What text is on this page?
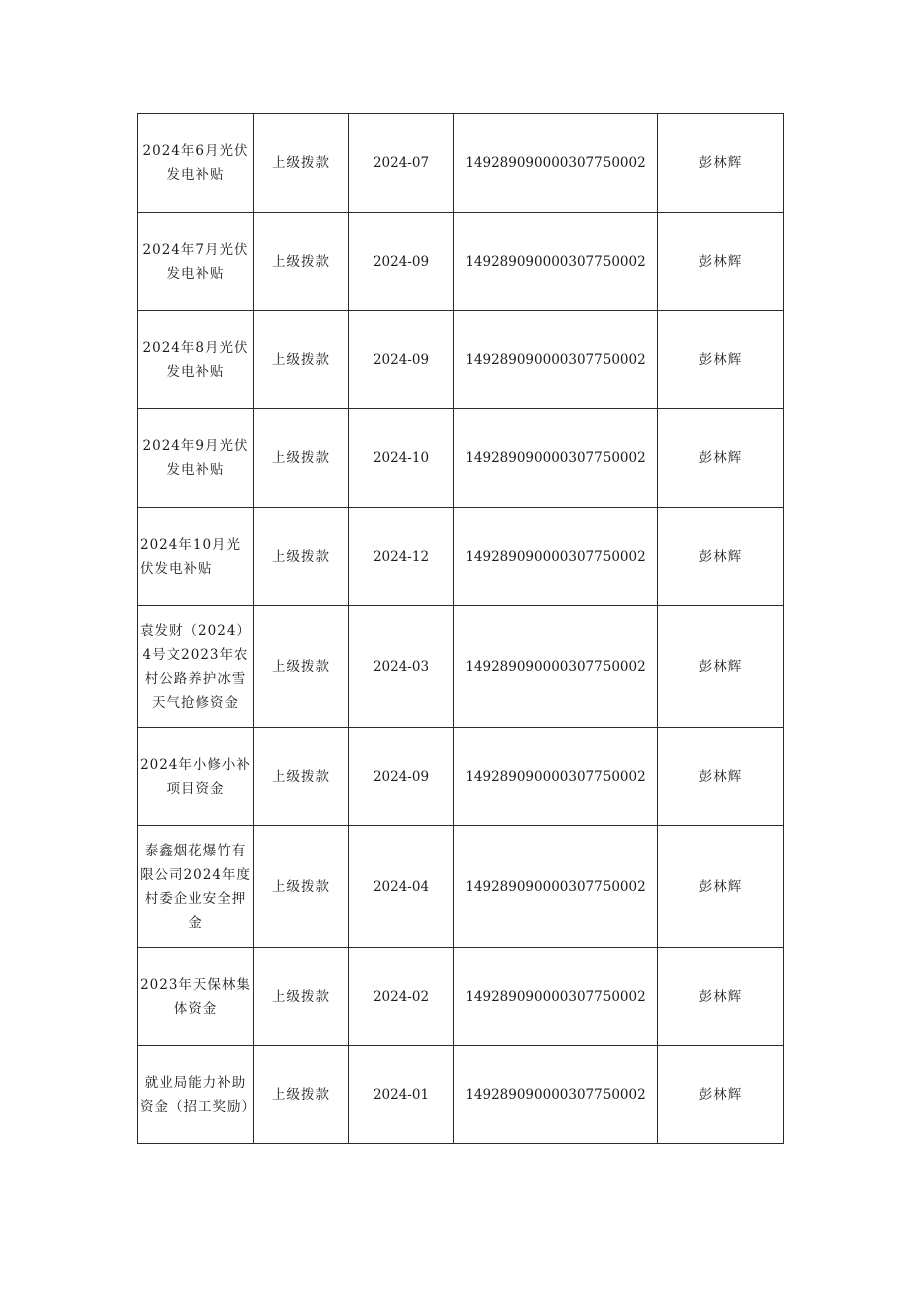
2024年6月光伏发电补贴	上级拨款	2024-07	149289090000307750002	彭林辉
2024年7月光伏发电补贴	上级拨款	2024-09	149289090000307750002	彭林辉
2024年8月光伏发电补贴	上级拨款	2024-09	149289090000307750002	彭林辉
2024年9月光伏发电补贴	上级拨款	2024-10	149289090000307750002	彭林辉
2024年10月光伏发电补贴	上级拨款	2024-12	149289090000307750002	彭林辉
袁发财（2024）4号文2023年农村公路养护冰雪天气抢修资金	上级拨款	2024-03	149289090000307750002	彭林辉
2024年小修小补项目资金	上级拨款	2024-09	149289090000307750002	彭林辉
泰鑫烟花爆竹有限公司2024年度村委企业安全押金	上级拨款	2024-04	149289090000307750002	彭林辉
2023年天保林集体资金	上级拨款	2024-02	149289090000307750002	彭林辉
就业局能力补助资金（招工奖励）	上级拨款	2024-01	149289090000307750002	彭林辉
